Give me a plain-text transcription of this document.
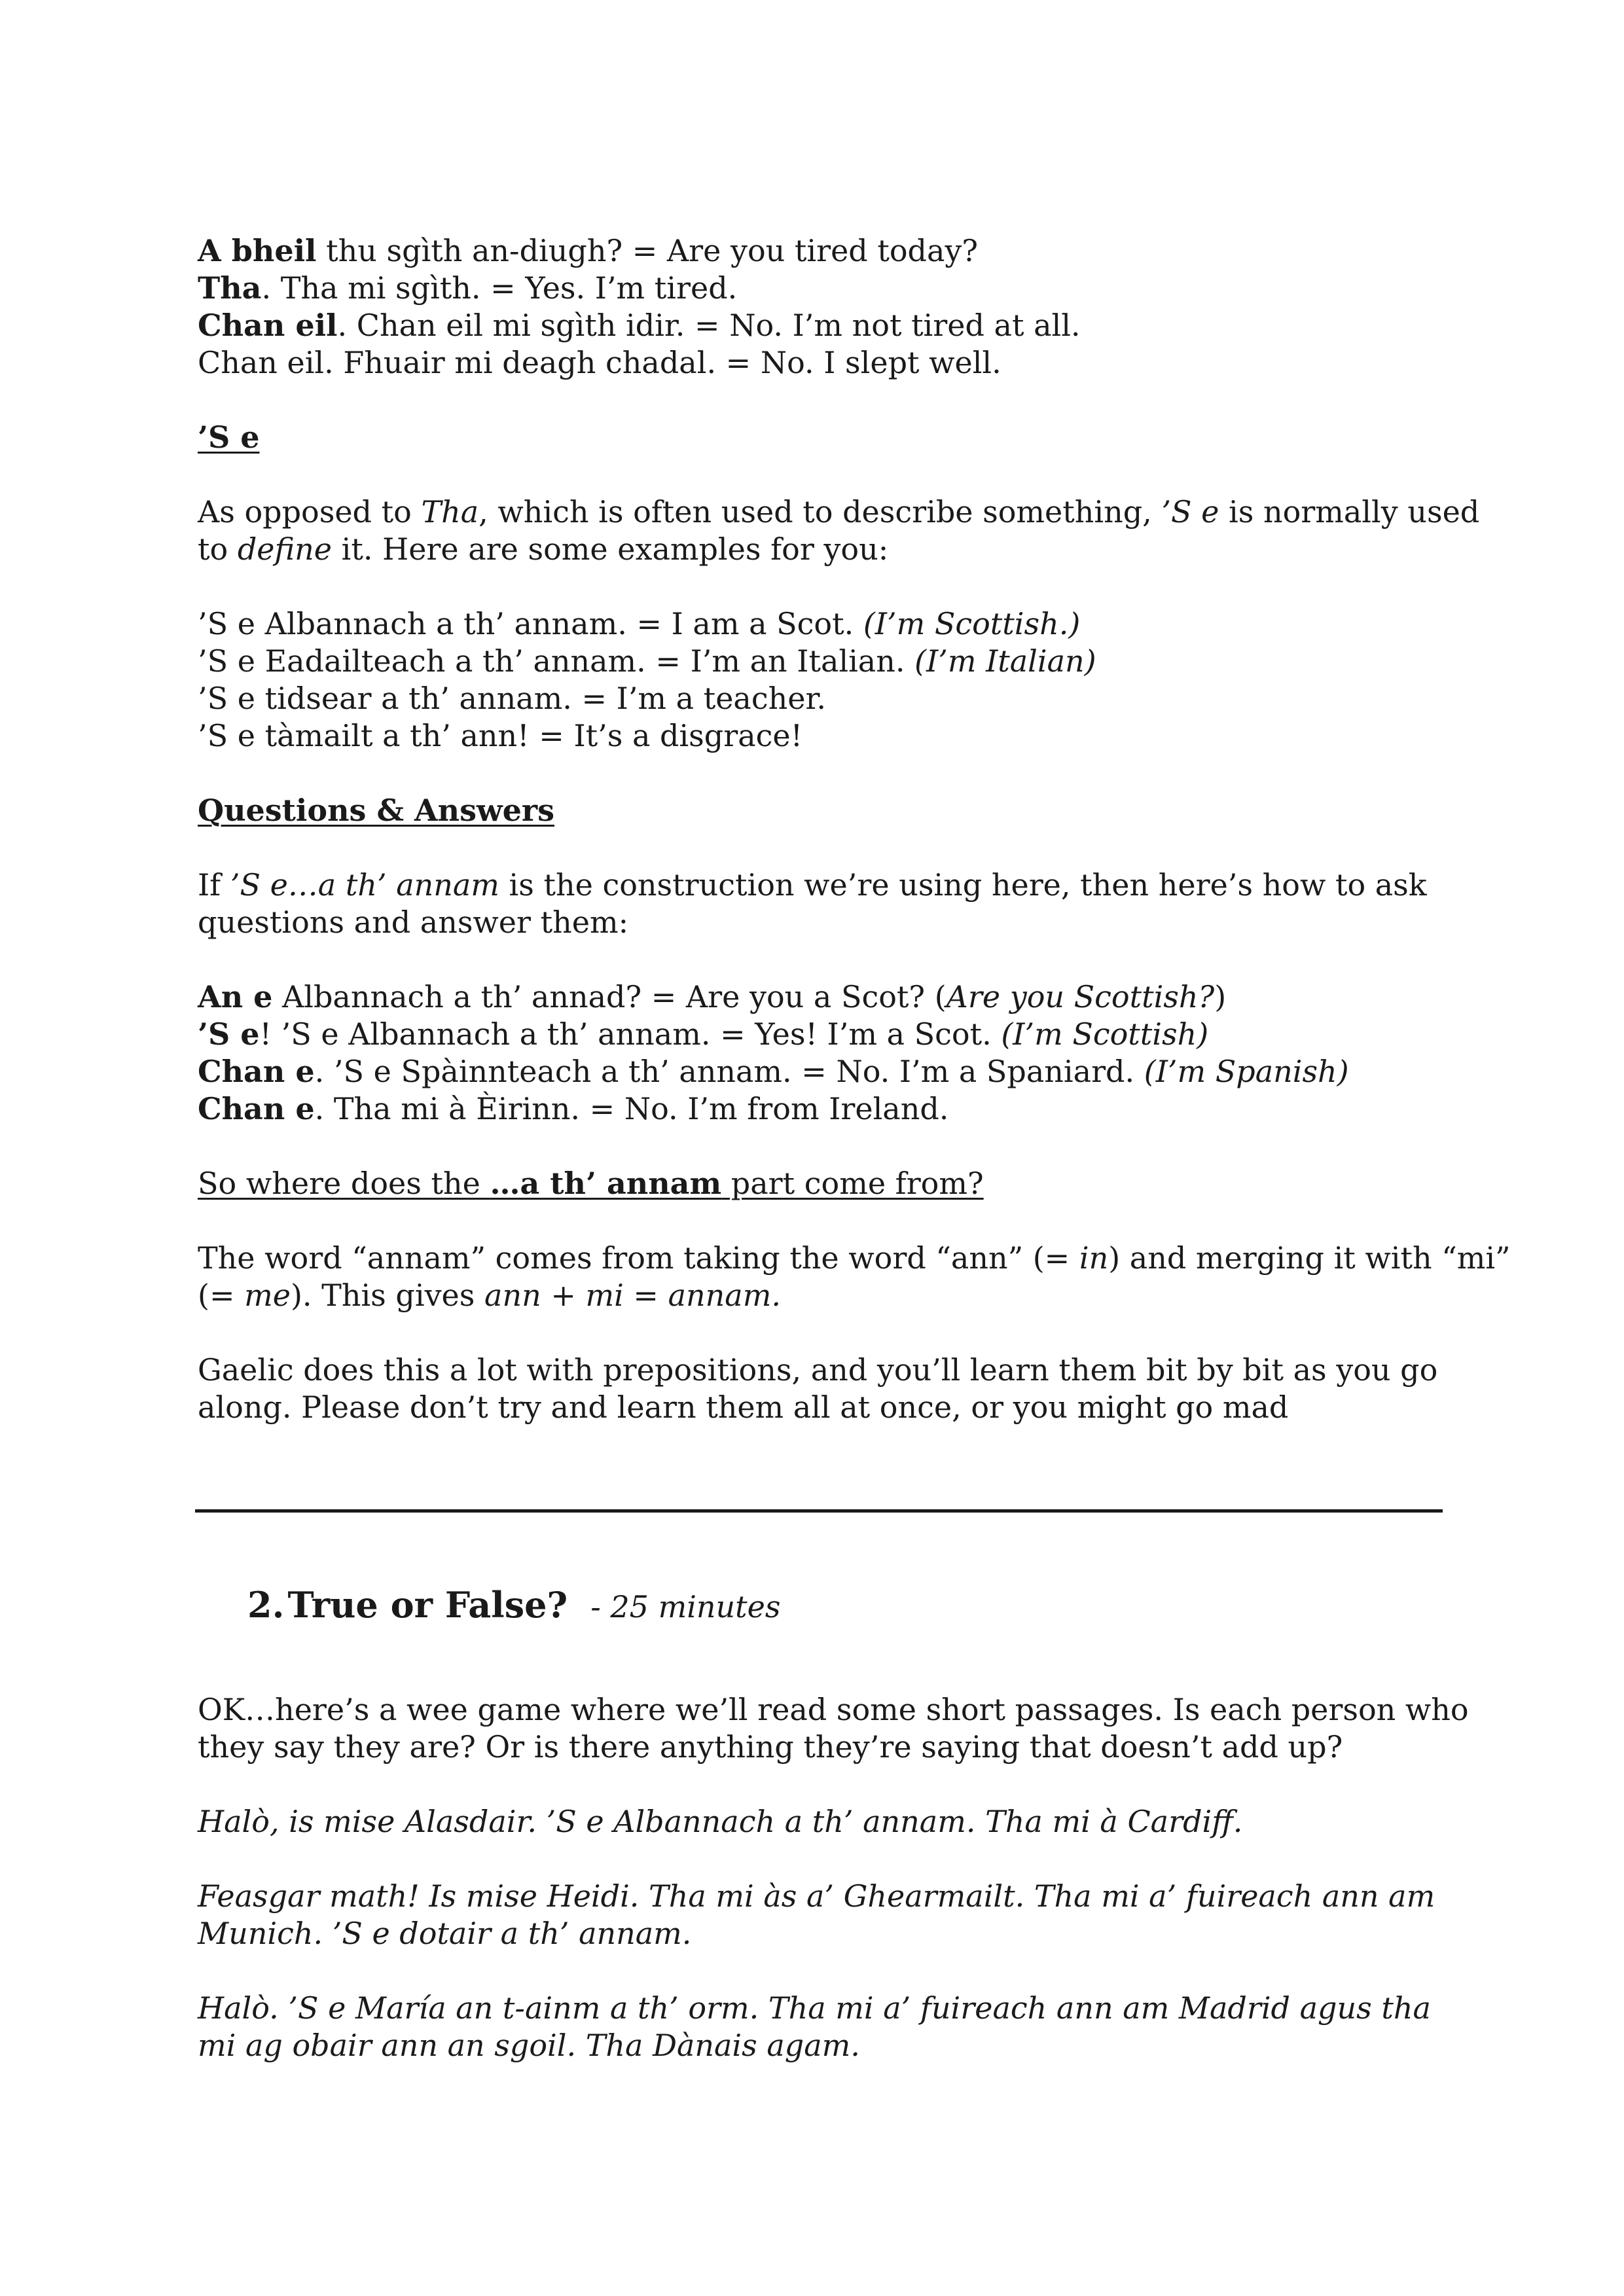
A bheil thu sgìth an-diugh? = Are you tired today?
Tha. Tha mi sgìth. = Yes. I’m tired.
Chan eil. Chan eil mi sgìth idir. = No. I’m not tired at all.
Chan eil. Fhuair mi deagh chadal. = No. I slept well.
’S e
As opposed to Tha, which is often used to describe something, ’S e is normally used
to define it. Here are some examples for you:
’S e Albannach a th’ annam. = I am a Scot. (I’m Scottish.)
’S e Eadailteach a th’ annam. = I’m an Italian. (I’m Italian)
’S e tidsear a th’ annam. = I’m a teacher.
’S e tàmailt a th’ ann! = It’s a disgrace!
Questions & Answers
If ’S e…a th’ annam is the construction we’re using here, then here’s how to ask
questions and answer them:
An e Albannach a th’ annad? = Are you a Scot? (Are you Scottish?)
’S e! ’S e Albannach a th’ annam. = Yes! I’m a Scot. (I’m Scottish)
Chan e. ’S e Spàinnteach a th’ annam. = No. I’m a Spaniard. (I’m Spanish)
Chan e. Tha mi à Èirinn. = No. I’m from Ireland.
So where does the …a th’ annam part come from?
The word “annam” comes from taking the word “ann” (= in) and merging it with “mi”
(= me). This gives ann + mi = annam.
Gaelic does this a lot with prepositions, and you’ll learn them bit by bit as you go
along. Please don’t try and learn them all at once, or you might go mad
2. True or False? - 25 minutes
OK…here’s a wee game where we’ll read some short passages. Is each person who
they say they are? Or is there anything they’re saying that doesn’t add up?
Halò, is mise Alasdair. ’S e Albannach a th’ annam. Tha mi à Cardiff.
Feasgar math! Is mise Heidi. Tha mi às a’ Ghearmailt. Tha mi a’ fuireach ann am
Munich. ’S e dotair a th’ annam.
Halò. ’S e María an t-ainm a th’ orm. Tha mi a’ fuireach ann am Madrid agus tha
mi ag obair ann an sgoil. Tha Dànais agam.
